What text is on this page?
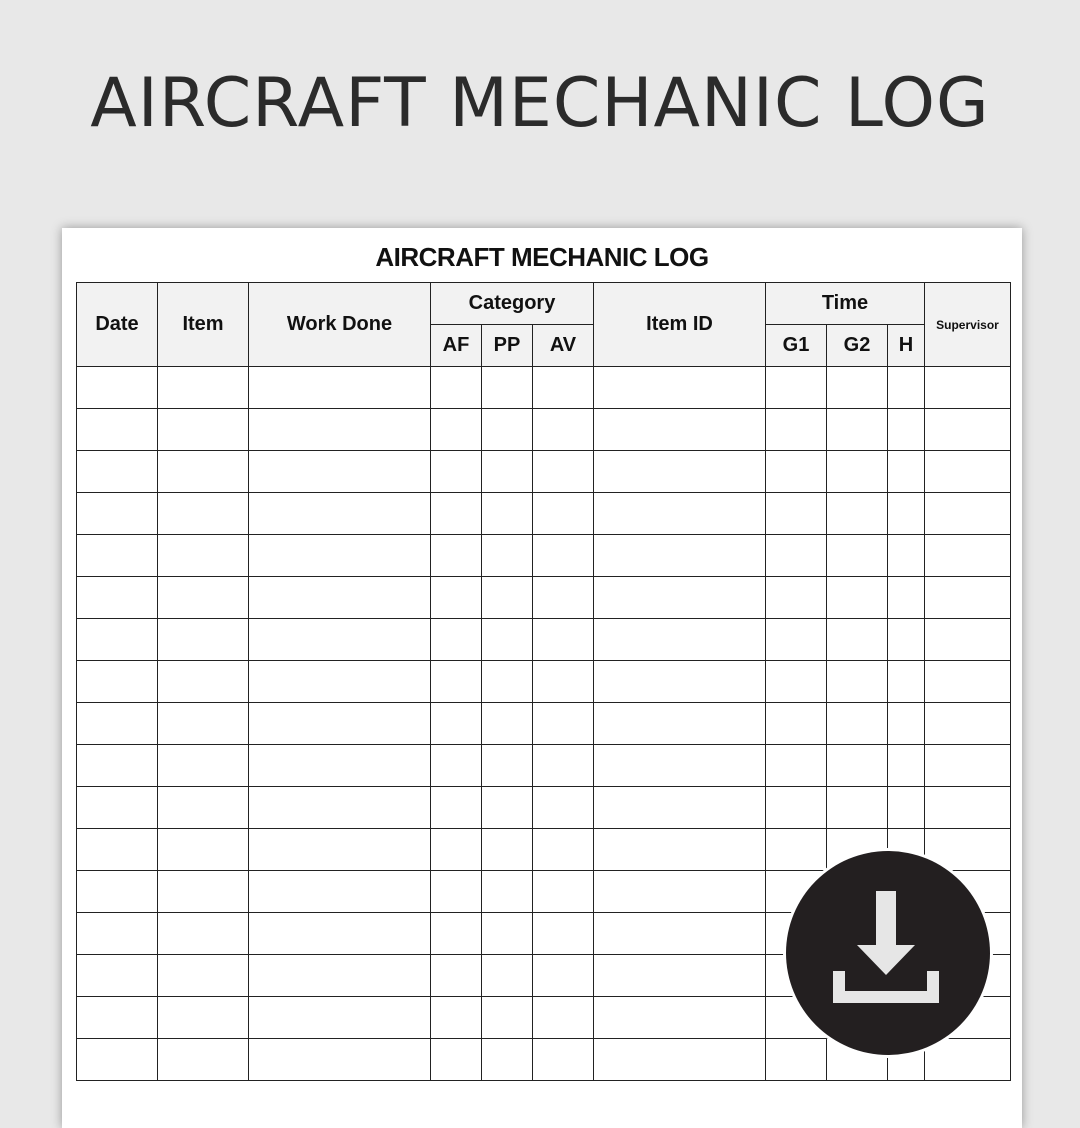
AIRCRAFT MECHANIC LOG
AIRCRAFT MECHANIC LOG
Date	Item	Work Done	Category			Item ID	Time			Supervisor
			AF	PP	AV		G1	G2	H	
